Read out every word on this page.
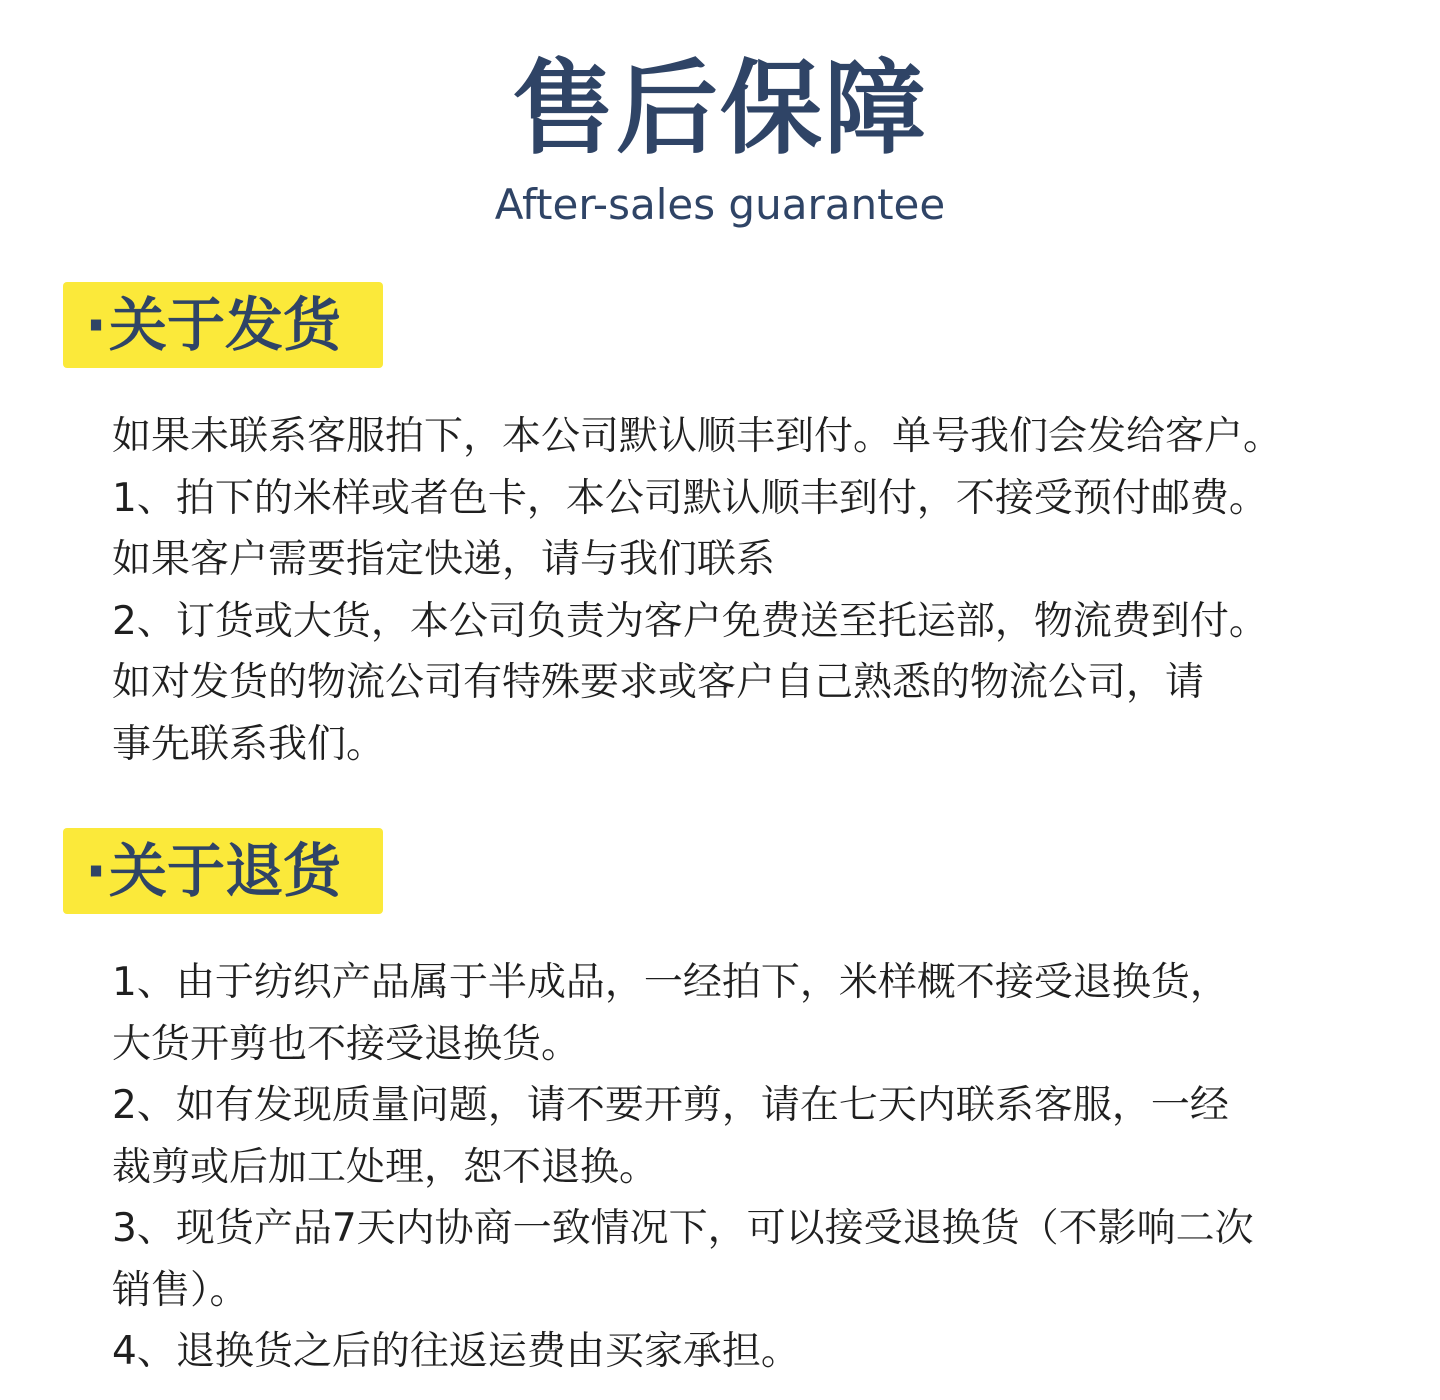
售后保障
After-sales guarantee
·关于发货
如果未联系客服拍下，本公司默认顺丰到付。单号我们会发给客户。
1、拍下的米样或者色卡，本公司默认顺丰到付，不接受预付邮费。
如果客户需要指定快递，请与我们联系
2、订货或大货，本公司负责为客户免费送至托运部，物流费到付。
如对发货的物流公司有特殊要求或客户自己熟悉的物流公司，请
事先联系我们。
·关于退货
1、由于纺织产品属于半成品，一经拍下，米样概不接受退换货，
大货开剪也不接受退换货。
2、如有发现质量问题，请不要开剪，请在七天内联系客服，一经
裁剪或后加工处理，恕不退换。
3、现货产品7天内协商一致情况下，可以接受退换货（不影响二次
销售）。
4、退换货之后的往返运费由买家承担。
